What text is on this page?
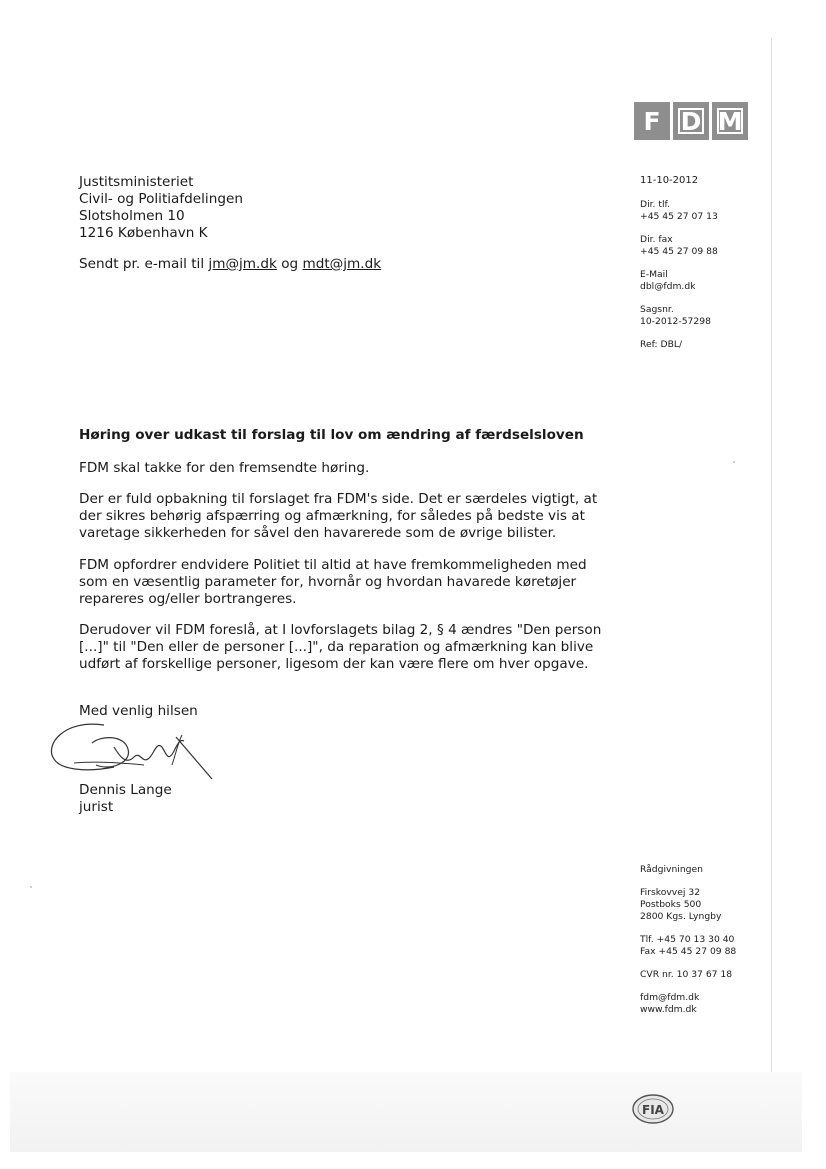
F D M
Justitsministeriet
Civil- og Politiafdelingen
Slotsholmen 10
1216 København K
Sendt pr. e-mail til jm@jm.dk og mdt@jm.dk
11-10-2012
Dir. tlf.
+45 45 27 07 13
Dir. fax
+45 45 27 09 88
E-Mail
dbl@fdm.dk
Sagsnr.
10-2012-57298
Ref: DBL/
Høring over udkast til forslag til lov om ændring af færdselsloven
FDM skal takke for den fremsendte høring.
Der er fuld opbakning til forslaget fra FDM's side. Det er særdeles vigtigt, at
der sikres behørig afspærring og afmærkning, for således på bedste vis at
varetage sikkerheden for såvel den havarerede som de øvrige bilister.
FDM opfordrer endvidere Politiet til altid at have fremkommeligheden med
som en væsentlig parameter for, hvornår og hvordan havarede køretøjer
repareres og/eller bortrangeres.
Derudover vil FDM foreslå, at I lovforslagets bilag 2, § 4 ændres "Den person
[...]" til "Den eller de personer [...]", da reparation og afmærkning kan blive
udført af forskellige personer, ligesom der kan være flere om hver opgave.
Med venlig hilsen
Dennis Lange
jurist
Rådgivningen
Firskovvej 32
Postboks 500
2800 Kgs. Lyngby
Tlf. +45 70 13 30 40
Fax +45 45 27 09 88
CVR nr. 10 37 67 18
fdm@fdm.dk
www.fdm.dk
FIA
